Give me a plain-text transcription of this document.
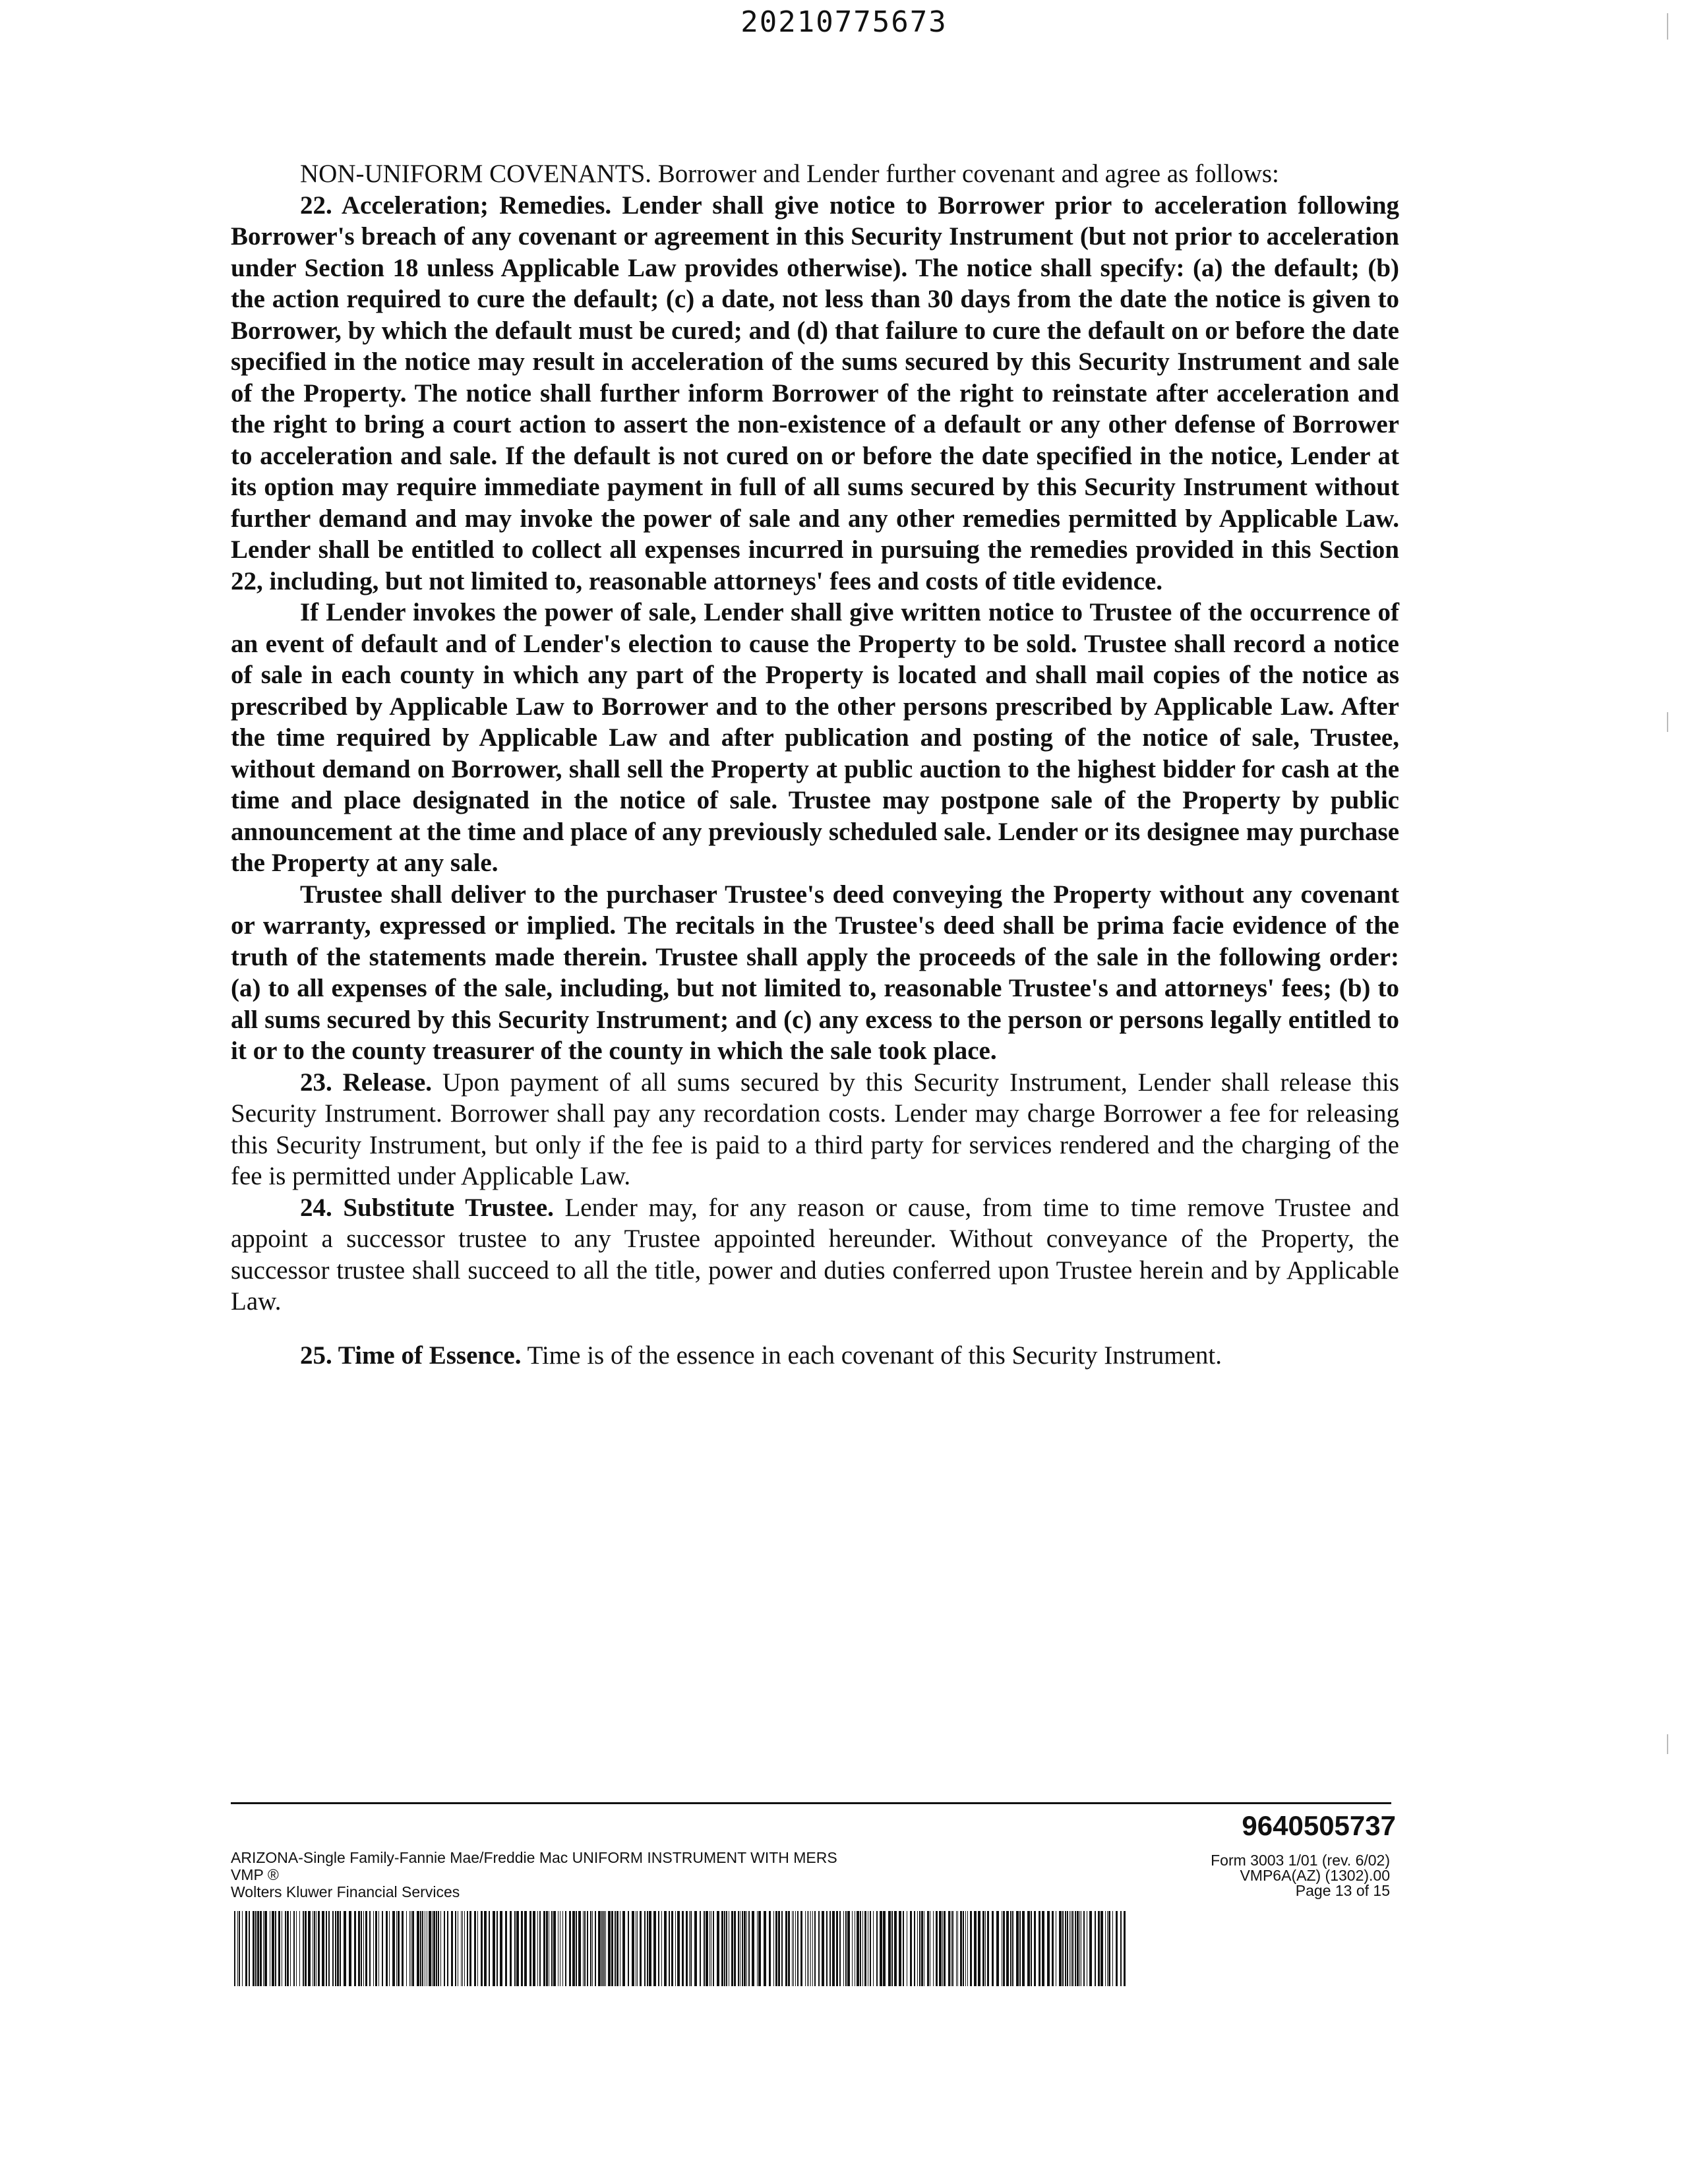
20210775673

NON-UNIFORM COVENANTS. Borrower and Lender further covenant and agree as follows:

22. Acceleration; Remedies. Lender shall give notice to Borrower prior to acceleration following Borrower's breach of any covenant or agreement in this Security Instrument (but not prior to acceleration under Section 18 unless Applicable Law provides otherwise). The notice shall specify: (a) the default; (b) the action required to cure the default; (c) a date, not less than 30 days from the date the notice is given to Borrower, by which the default must be cured; and (d) that failure to cure the default on or before the date specified in the notice may result in acceleration of the sums secured by this Security Instrument and sale of the Property. The notice shall further inform Borrower of the right to reinstate after acceleration and the right to bring a court action to assert the non-existence of a default or any other defense of Borrower to acceleration and sale. If the default is not cured on or before the date specified in the notice, Lender at its option may require immediate payment in full of all sums secured by this Security Instrument without further demand and may invoke the power of sale and any other remedies permitted by Applicable Law. Lender shall be entitled to collect all expenses incurred in pursuing the remedies provided in this Section 22, including, but not limited to, reasonable attorneys' fees and costs of title evidence.

If Lender invokes the power of sale, Lender shall give written notice to Trustee of the occurrence of an event of default and of Lender's election to cause the Property to be sold. Trustee shall record a notice of sale in each county in which any part of the Property is located and shall mail copies of the notice as prescribed by Applicable Law to Borrower and to the other persons prescribed by Applicable Law. After the time required by Applicable Law and after publication and posting of the notice of sale, Trustee, without demand on Borrower, shall sell the Property at public auction to the highest bidder for cash at the time and place designated in the notice of sale. Trustee may postpone sale of the Property by public announcement at the time and place of any previously scheduled sale. Lender or its designee may purchase the Property at any sale.

Trustee shall deliver to the purchaser Trustee's deed conveying the Property without any covenant or warranty, expressed or implied. The recitals in the Trustee's deed shall be prima facie evidence of the truth of the statements made therein. Trustee shall apply the proceeds of the sale in the following order: (a) to all expenses of the sale, including, but not limited to, reasonable Trustee's and attorneys' fees; (b) to all sums secured by this Security Instrument; and (c) any excess to the person or persons legally entitled to it or to the county treasurer of the county in which the sale took place.

23. Release. Upon payment of all sums secured by this Security Instrument, Lender shall release this Security Instrument. Borrower shall pay any recordation costs. Lender may charge Borrower a fee for releasing this Security Instrument, but only if the fee is paid to a third party for services rendered and the charging of the fee is permitted under Applicable Law.

24. Substitute Trustee. Lender may, for any reason or cause, from time to time remove Trustee and appoint a successor trustee to any Trustee appointed hereunder. Without conveyance of the Property, the successor trustee shall succeed to all the title, power and duties conferred upon Trustee herein and by Applicable Law.

25. Time of Essence. Time is of the essence in each covenant of this Security Instrument.

9640505737
ARIZONA-Single Family-Fannie Mae/Freddie Mac UNIFORM INSTRUMENT WITH MERS
VMP ®
Wolters Kluwer Financial Services
Form 3003 1/01 (rev. 6/02)
VMP6A(AZ) (1302).00
Page 13 of 15
